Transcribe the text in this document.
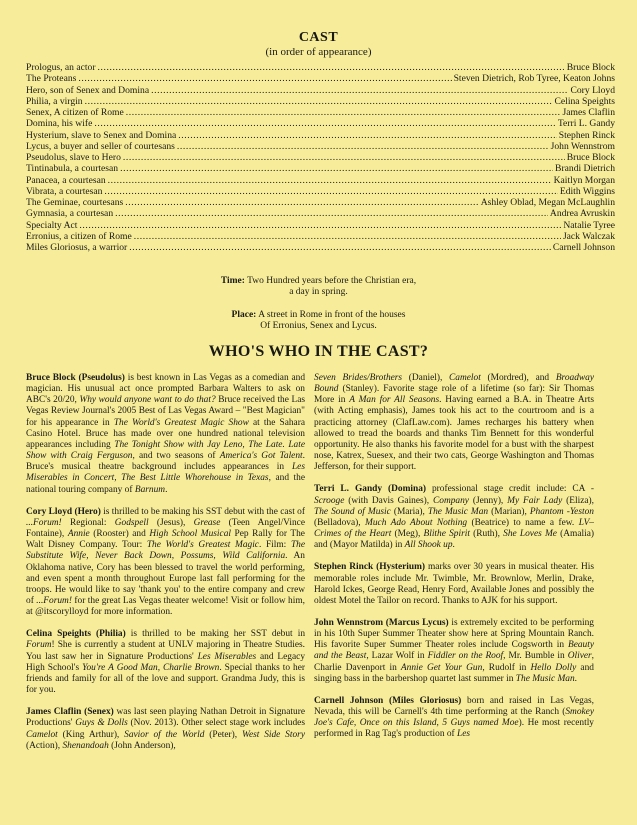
CAST
(in order of appearance)
Prologus, an actor .....	Bruce Block
The Proteans .....	Steven Dietrich, Rob Tyree, Keaton Johns
Hero, son of Senex and Domina .....	Cory Lloyd
Philia, a virgin .....	Celina Speights
Senex, A citizen of Rome .....	James Claflin
Domina, his wife .....	Terri L. Gandy
Hysterium, slave to Senex and Domina .....	Stephen Rinck
Lycus, a buyer and seller of courtesans .....	John Wennstrom
Pseudolus, slave to Hero .....	Bruce Block
Tintinabula, a courtesan .....	Brandi Dietrich
Panacea, a courtesan .....	Kaitlyn Morgan
Vibrata, a courtesan .....	Edith Wiggins
The Geminae, courtesans .....	Ashley Oblad, Megan McLaughlin
Gymnasia, a courtesan .....	Andrea Avruskin
Specialty Act .....	Natalie Tyree
Erronius, a citizen of Rome .....	Jack Walczak
Miles Gloriosus, a warrior .....	Carnell Johnson
Time: Two Hundred years before the Christian era,
a day in spring.
Place: A street in Rome in front of the houses
Of Erronius, Senex and Lycus.
WHO'S WHO IN THE CAST?

Bruce Block (Pseudolus) is best known in Las Vegas as a comedian and magician. His unusual act once prompted Barbara Walters to ask on ABC's 20/20, Why would anyone want to do that? Bruce received the Las Vegas Review Journal's 2005 Best of Las Vegas Award – "Best Magician" for his appearance in The World's Greatest Magic Show at the Sahara Casino Hotel. Bruce has made over one hundred national television appearances including The Tonight Show with Jay Leno, The Late. Late Show with Craig Ferguson, and two seasons of America's Got Talent. Bruce's musical theatre background includes appearances in Les Miserables in Concert, The Best Little Whorehouse in Texas, and the national touring company of Barnum.

Cory Lloyd (Hero) is thrilled to be making his SST debut with the cast of ...Forum! Regional: Godspell (Jesus), Grease (Teen Angel/Vince Fontaine), Annie (Rooster) and High School Musical Pep Rally for The Walt Disney Company. Tour: The World's Greatest Magic. Film: The Substitute Wife, Never Back Down, Possums, Wild California. An Oklahoma native, Cory has been blessed to travel the world performing, and even spent a month throughout Europe last fall performing for the troops. He would like to say 'thank you' to the entire company and crew of ...Forum! for the great Las Vegas theater welcome! Visit or follow him, at @itscorylloyd for more information.

Celina Speights (Philia) is thrilled to be making her SST debut in Forum! She is currently a student at UNLV majoring in Theatre Studies. You last saw her in Signature Productions' Les Miserables and Legacy High School's You're A Good Man, Charlie Brown. Special thanks to her friends and family for all of the love and support. Grandma Judy, this is for you.

James Claflin (Senex) was last seen playing Nathan Detroit in Signature Productions' Guys & Dolls (Nov. 2013). Other select stage work includes Camelot (King Arthur), Savior of the World (Peter), West Side Story (Action), Shenandoah (John Anderson),

Seven Brides/Brothers (Daniel), Camelot (Mordred), and Broadway Bound (Stanley). Favorite stage role of a lifetime (so far): Sir Thomas More in A Man for All Seasons. Having earned a B.A. in Theatre Arts (with Acting emphasis), James took his act to the courtroom and is a practicing attorney (ClafLaw.com). James recharges his battery when allowed to tread the boards and thanks Tim Bennett for this wonderful opportunity. He also thanks his favorite model for a bust with the sharpest nose, Katrex, Suesex, and their two cats, George Washington and Thomas Jefferson, for their support.

Terri L. Gandy (Domina) professional stage credit include: CA - Scrooge (with Davis Gaines), Company (Jenny), My Fair Lady (Eliza), The Sound of Music (Maria), The Music Man (Marian), Phantom -Yeston (Belladova), Much Ado About Nothing (Beatrice) to name a few. LV–Crimes of the Heart (Meg), Blithe Spirit (Ruth), She Loves Me (Amalia) and (Mayor Matilda) in All Shook up.

Stephen Rinck (Hysterium) marks over 30 years in musical theater. His memorable roles include Mr. Twimble, Mr. Brownlow, Merlin, Drake, Harold Ickes, George Read, Henry Ford, Available Jones and possibly the oldest Motel the Tailor on record. Thanks to AJK for his support.

John Wennstrom (Marcus Lycus) is extremely excited to be performing in his 10th Super Summer Theater show here at Spring Mountain Ranch. His favorite Super Summer Theater roles include Cogsworth in Beauty and the Beast, Lazar Wolf in Fiddler on the Roof, Mr. Bumble in Oliver, Charlie Davenport in Annie Get Your Gun, Rudolf in Hello Dolly and singing bass in the barbershop quartet last summer in The Music Man.

Carnell Johnson (Miles Gloriosus) born and raised in Las Vegas, Nevada, this will be Carnell's 4th time performing at the Ranch (Smokey Joe's Cafe, Once on this Island, 5 Guys named Moe). He most recently performed in Rag Tag's production of Les
